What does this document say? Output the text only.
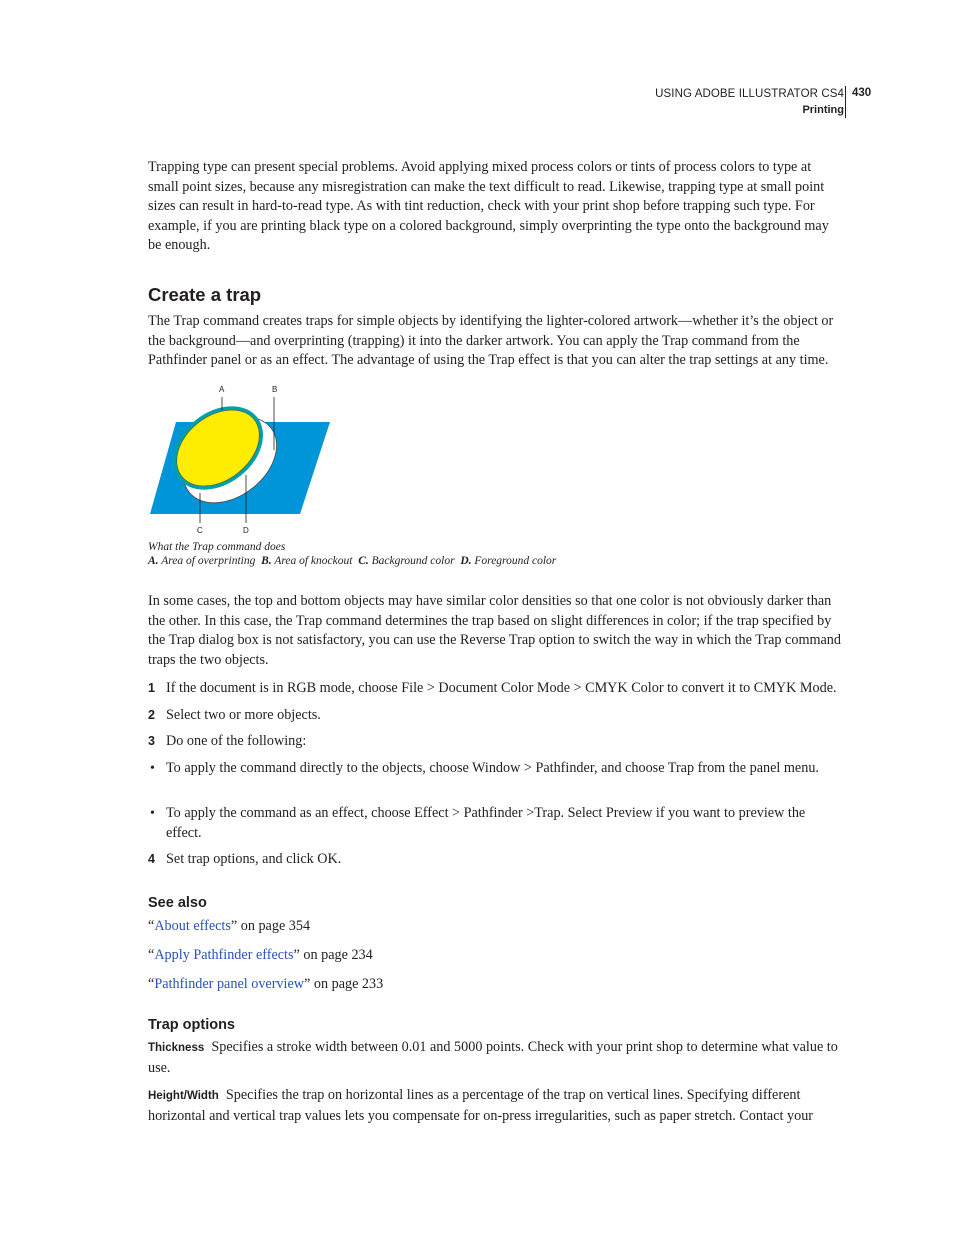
USING ADOBE ILLUSTRATOR CS4
Printing
430

Trapping type can present special problems. Avoid applying mixed process colors or tints of process colors to type at small point sizes, because any misregistration can make the text difficult to read. Likewise, trapping type at small point sizes can result in hard-to-read type. As with tint reduction, check with your print shop before trapping such type. For example, if you are printing black type on a colored background, simply overprinting the type onto the background may be enough.

Create a trap

The Trap command creates traps for simple objects by identifying the lighter-colored artwork—whether it’s the object or the background—and overprinting (trapping) it into the darker artwork. You can apply the Trap command from the Pathfinder panel or as an effect. The advantage of using the Trap effect is that you can alter the trap settings at any time.

A	B
C	D
What the Trap command does
A. Area of overprinting B. Area of knockout C. Background color D. Foreground color

In some cases, the top and bottom objects may have similar color densities so that one color is not obviously darker than the other. In this case, the Trap command determines the trap based on slight differences in color; if the trap specified by the Trap dialog box is not satisfactory, you can use the Reverse Trap option to switch the way in which the Trap command traps the two objects.

1 If the document is in RGB mode, choose File > Document Color Mode > CMYK Color to convert it to CMYK Mode.
2 Select two or more objects.
3 Do one of the following:
• To apply the command directly to the objects, choose Window > Pathfinder, and choose Trap from the panel menu.
• To apply the command as an effect, choose Effect > Pathfinder >Trap. Select Preview if you want to preview the effect.
4 Set trap options, and click OK.
See also
“About effects” on page 354
“Apply Pathfinder effects” on page 234
“Pathfinder panel overview” on page 233
Trap options

Thickness Specifies a stroke width between 0.01 and 5000 points. Check with your print shop to determine what value to use.

Height/Width Specifies the trap on horizontal lines as a percentage of the trap on vertical lines. Specifying different horizontal and vertical trap values lets you compensate for on-press irregularities, such as paper stretch. Contact your
